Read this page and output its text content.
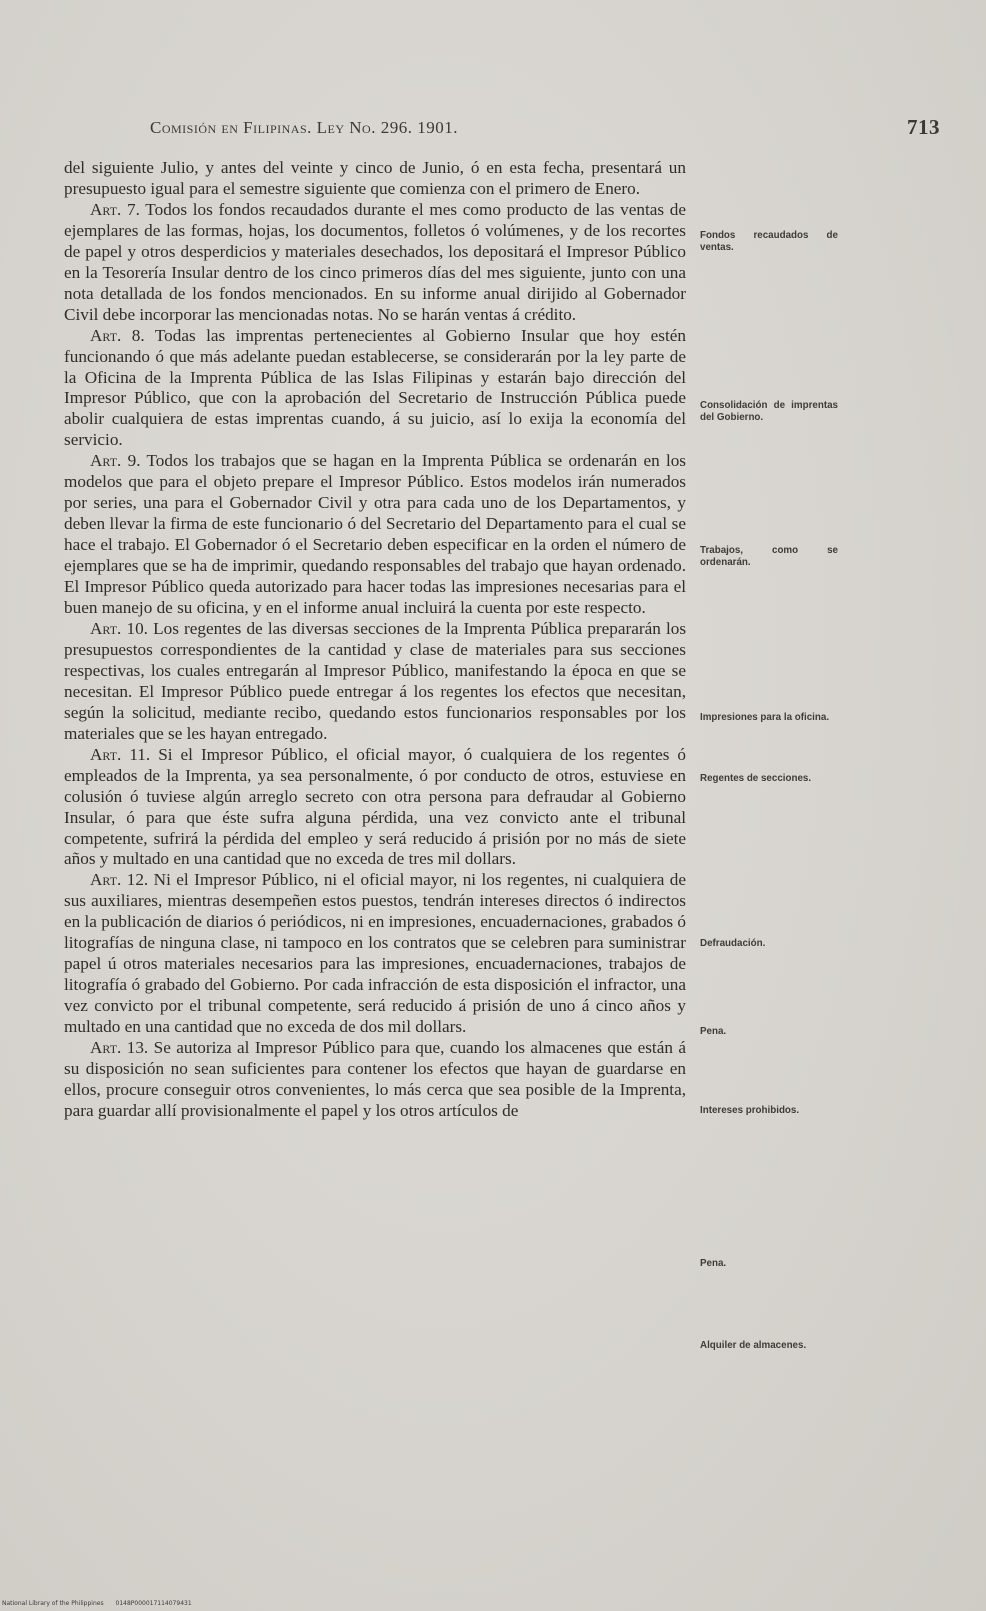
Comisión en Filipinas. Ley No. 296. 1901.	713

del siguiente Julio, y antes del veinte y cinco de Junio, ó en esta fecha, presentará un presupuesto igual para el semestre siguiente que comienza con el primero de Enero.

Art. 7. Todos los fondos recaudados durante el mes como producto de las ventas de ejemplares de las formas, hojas, los documentos, folletos ó volúmenes, y de los recortes de papel y otros desperdicios y materiales desechados, los depositará el Impresor Público en la Tesorería Insular dentro de los cinco primeros días del mes siguiente, junto con una nota detallada de los fondos mencionados. En su informe anual dirijido al Gobernador Civil debe incorporar las mencionadas notas. No se harán ventas á crédito.

Art. 8. Todas las imprentas pertenecientes al Gobierno Insular que hoy estén funcionando ó que más adelante puedan establecerse, se considerarán por la ley parte de la Oficina de la Imprenta Pública de las Islas Filipinas y estarán bajo dirección del Impresor Público, que con la aprobación del Secretario de Instrucción Pública puede abolir cualquiera de estas imprentas cuando, á su juicio, así lo exija la economía del servicio.

Art. 9. Todos los trabajos que se hagan en la Imprenta Pública se ordenarán en los modelos que para el objeto prepare el Impresor Público. Estos modelos irán numerados por series, una para el Gobernador Civil y otra para cada uno de los Departamentos, y deben llevar la firma de este funcionario ó del Secretario del Departamento para el cual se hace el trabajo. El Gobernador ó el Secretario deben especificar en la orden el número de ejemplares que se ha de imprimir, quedando responsables del trabajo que hayan ordenado. El Impresor Público queda autorizado para hacer todas las impresiones necesarias para el buen manejo de su oficina, y en el informe anual incluirá la cuenta por este respecto.

Art. 10. Los regentes de las diversas secciones de la Imprenta Pública prepararán los presupuestos correspondientes de la cantidad y clase de materiales para sus secciones respectivas, los cuales entregarán al Impresor Público, manifestando la época en que se necesitan. El Impresor Público puede entregar á los regentes los efectos que necesitan, según la solicitud, mediante recibo, quedando estos funcionarios responsables por los materiales que se les hayan entregado.

Art. 11. Si el Impresor Público, el oficial mayor, ó cualquiera de los regentes ó empleados de la Imprenta, ya sea personalmente, ó por conducto de otros, estuviese en colusión ó tuviese algún arreglo secreto con otra persona para defraudar al Gobierno Insular, ó para que éste sufra alguna pérdida, una vez convicto ante el tribunal competente, sufrirá la pérdida del empleo y será reducido á prisión por no más de siete años y multado en una cantidad que no exceda de tres mil dollars.

Art. 12. Ni el Impresor Público, ni el oficial mayor, ni los regentes, ni cualquiera de sus auxiliares, mientras desempeñen estos puestos, tendrán intereses directos ó indirectos en la publicación de diarios ó periódicos, ni en impresiones, encuadernaciones, grabados ó litografías de ninguna clase, ni tampoco en los contratos que se celebren para suministrar papel ú otros materiales necesarios para las impresiones, encuadernaciones, trabajos de litografía ó grabado del Gobierno. Por cada infracción de esta disposición el infractor, una vez convicto por el tribunal competente, será reducido á prisión de uno á cinco años y multado en una cantidad que no exceda de dos mil dollars.

Art. 13. Se autoriza al Impresor Público para que, cuando los almacenes que están á su disposición no sean suficientes para contener los efectos que hayan de guardarse en ellos, procure conseguir otros convenientes, lo más cerca que sea posible de la Imprenta, para guardar allí provisionalmente el papel y los otros artículos de

Fondos recaudados de ventas.
Consolidación de imprentas del Gobierno.
Trabajos, como se ordenarán.
Impresiones para la oficina.
Regentes de secciones.
Defraudación.
Pena.
Intereses prohibidos.
Pena.
Alquiler de almacenes.
National Library of the Philippines 0148P000017114079431
